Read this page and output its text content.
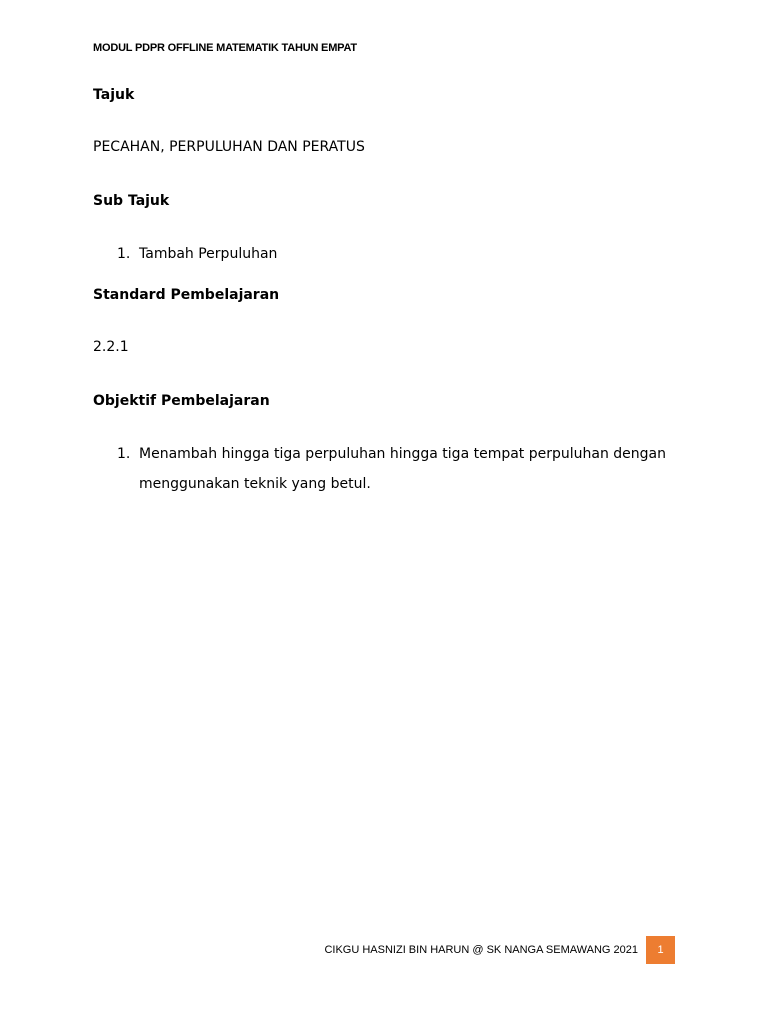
MODUL PDPR OFFLINE MATEMATIK TAHUN EMPAT
Tajuk
PECAHAN, PERPULUHAN DAN PERATUS
Sub Tajuk
1. Tambah Perpuluhan
Standard Pembelajaran
2.2.1
Objektif Pembelajaran
1. Menambah hingga tiga perpuluhan hingga tiga tempat perpuluhan dengan menggunakan teknik yang betul.
CIKGU HASNIZI BIN HARUN @ SK NANGA SEMAWANG 2021	1
